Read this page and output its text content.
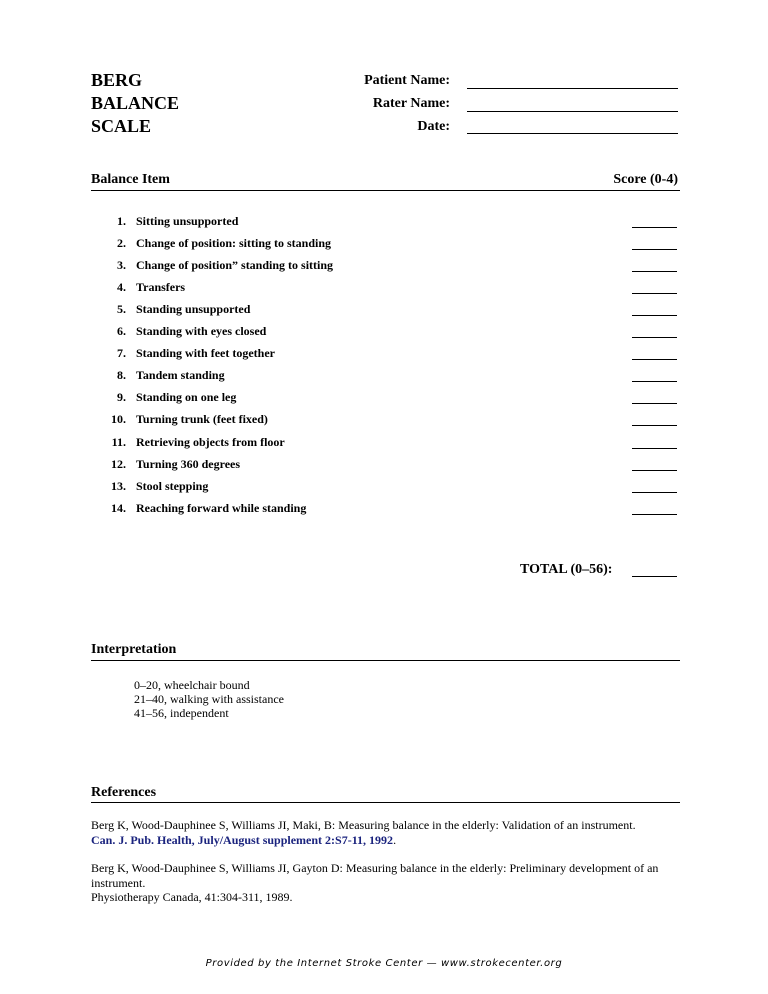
BERG
BALANCE
SCALE
Patient Name:
Rater Name:
Date:
Balance Item	Score (0-4)
1. Sitting unsupported
2. Change of position: sitting to standing
3. Change of position” standing to sitting
4. Transfers
5. Standing unsupported
6. Standing with eyes closed
7. Standing with feet together
8. Tandem standing
9. Standing on one leg
10. Turning trunk (feet fixed)
11. Retrieving objects from floor
12. Turning 360 degrees
13. Stool stepping
14. Reaching forward while standing
TOTAL (0–56):
Interpretation
0–20, wheelchair bound
21–40, walking with assistance
41–56, independent
References
Berg K, Wood-Dauphinee S, Williams JI, Maki, B: Measuring balance in the elderly: Validation of an instrument.
Can. J. Pub. Health, July/August supplement 2:S7-11, 1992.
Berg K, Wood-Dauphinee S, Williams JI, Gayton D: Measuring balance in the elderly: Preliminary development of an instrument.
Physiotherapy Canada, 41:304-311, 1989.
Provided by the Internet Stroke Center — www.strokecenter.org
